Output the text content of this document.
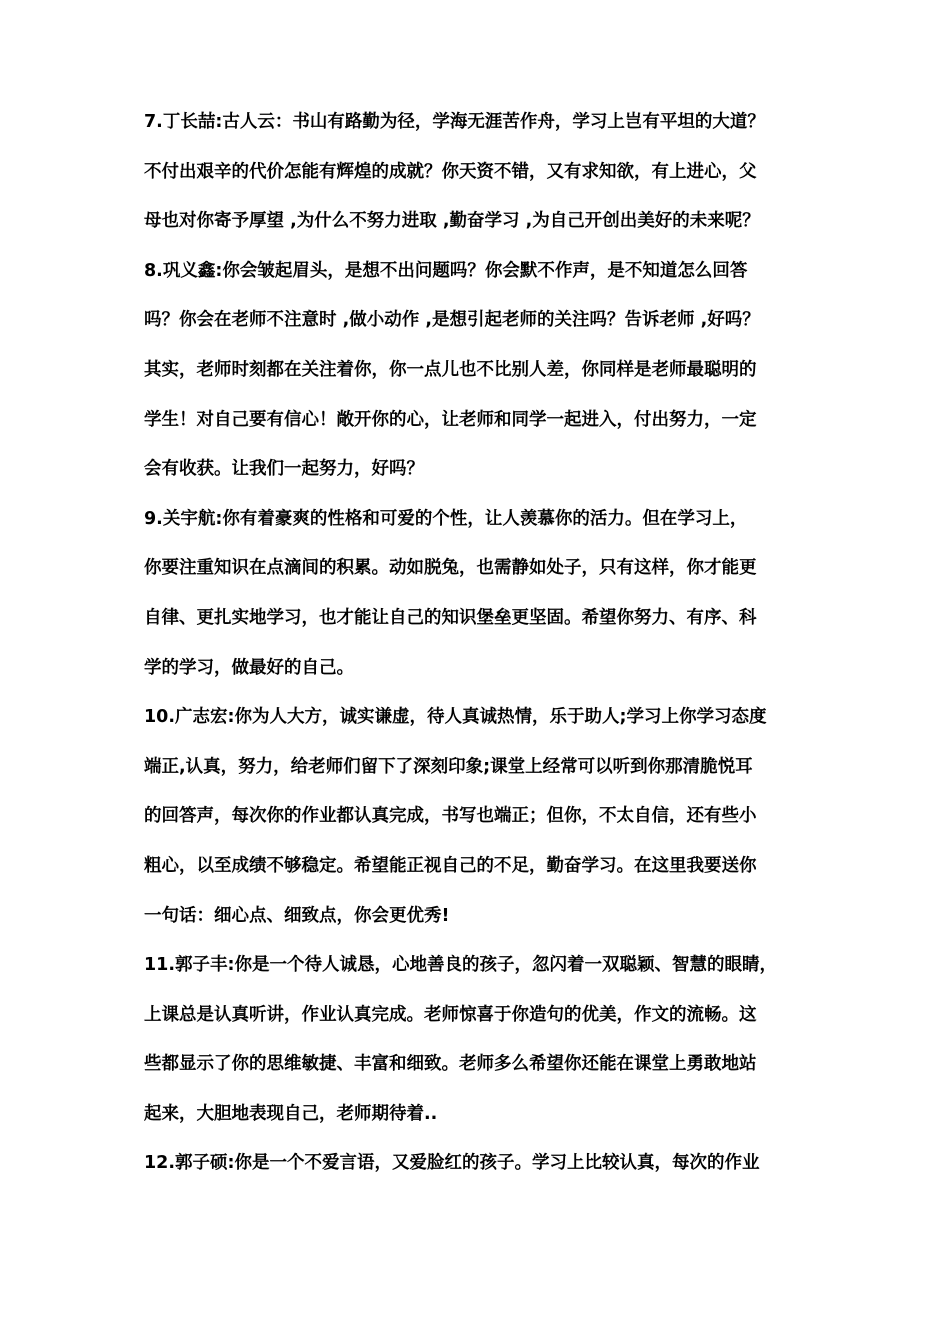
7.丁长喆:古人云：书山有路勤为径，学海无涯苦作舟，学习上岂有平坦的大道？
不付出艰辛的代价怎能有辉煌的成就？你天资不错，又有求知欲，有上进心，父
母也对你寄予厚望 ,为什么不努力进取 ,勤奋学习 ,为自己开创出美好的未来呢？
8.巩义鑫:你会皱起眉头，是想不出问题吗？你会默不作声，是不知道怎么回答
吗？你会在老师不注意时 ,做小动作 ,是想引起老师的关注吗？告诉老师 ,好吗？
其实，老师时刻都在关注着你，你一点儿也不比别人差，你同样是老师最聪明的
学生！对自己要有信心！敞开你的心，让老师和同学一起进入，付出努力，一定
会有收获。让我们一起努力，好吗？
9.关宇航:你有着豪爽的性格和可爱的个性，让人羡慕你的活力。但在学习上，
你要注重知识在点滴间的积累。动如脱兔，也需静如处子，只有这样，你才能更
自律、更扎实地学习，也才能让自己的知识堡垒更坚固。希望你努力、有序、科
学的学习，做最好的自己。
10.广志宏:你为人大方，诚实谦虚，待人真诚热情，乐于助人;学习上你学习态度
端正,认真，努力，给老师们留下了深刻印象;课堂上经常可以听到你那清脆悦耳
的回答声，每次你的作业都认真完成，书写也端正；但你，不太自信，还有些小
粗心，以至成绩不够稳定。希望能正视自己的不足，勤奋学习。在这里我要送你
一句话：细心点、细致点，你会更优秀!
11.郭子丰:你是一个待人诚恳，心地善良的孩子，忽闪着一双聪颖、智慧的眼睛，
上课总是认真听讲，作业认真完成。老师惊喜于你造句的优美，作文的流畅。这
些都显示了你的思维敏捷、丰富和细致。老师多么希望你还能在课堂上勇敢地站
起来，大胆地表现自己，老师期待着..
12.郭子硕:你是一个不爱言语，又爱脸红的孩子。学习上比较认真，每次的作业
